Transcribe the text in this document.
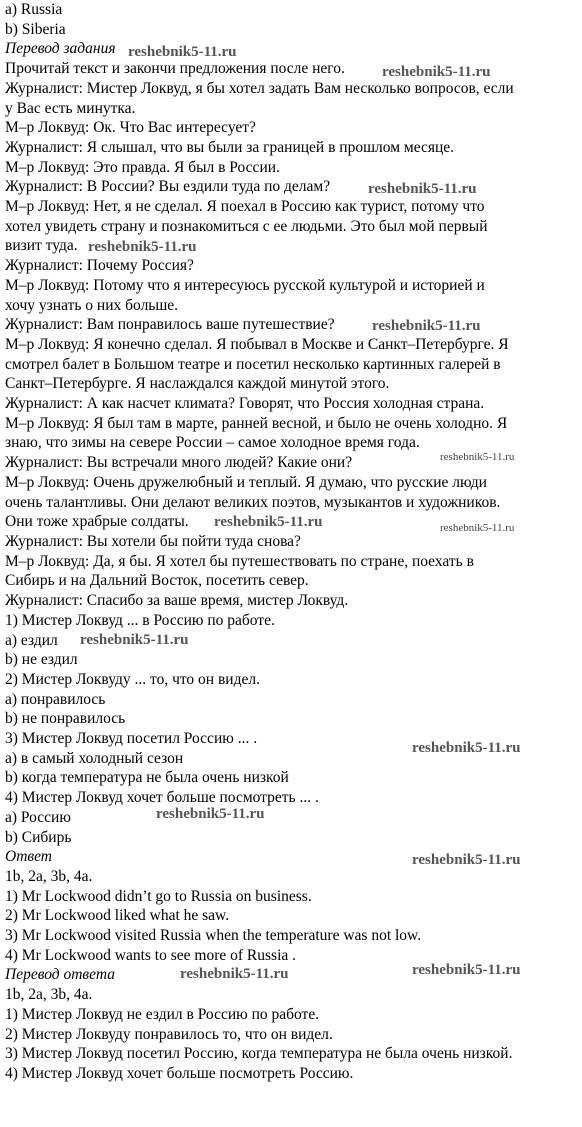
a) Russia
b) Siberia
Перевод задания
Прочитай текст и закончи предложения после него.
Журналист: Мистер Локвуд, я бы хотел задать Вам несколько вопросов, если
у Вас есть минутка.
М–р Локвуд: Ок. Что Вас интересует?
Журналист: Я слышал, что вы были за границей в прошлом месяце.
М–р Локвуд: Это правда. Я был в России.
Журналист: В России? Вы ездили туда по делам?
М–р Локвуд: Нет, я не сделал. Я поехал в Россию как турист, потому что
хотел увидеть страну и познакомиться с ее людьми. Это был мой первый
визит туда.
Журналист: Почему Россия?
М–р Локвуд: Потому что я интересуюсь русской культурой и историей и
хочу узнать о них больше.
Журналист: Вам понравилось ваше путешествие?
М–р Локвуд: Я конечно сделал. Я побывал в Москве и Санкт–Петербурге. Я
смотрел балет в Большом театре и посетил несколько картинных галерей в
Санкт–Петербурге. Я наслаждался каждой минутой этого.
Журналист: А как насчет климата? Говорят, что Россия холодная страна.
М–р Локвуд: Я был там в марте, ранней весной, и было не очень холодно. Я
знаю, что зимы на севере России – самое холодное время года.
Журналист: Вы встречали много людей? Какие они?
М–р Локвуд: Очень дружелюбный и теплый. Я думаю, что русские люди
очень талантливы. Они делают великих поэтов, музыкантов и художников.
Они тоже храбрые солдаты.
Журналист: Вы хотели бы пойти туда снова?
М–р Локвуд: Да, я бы. Я хотел бы путешествовать по стране, поехать в
Сибирь и на Дальний Восток, посетить север.
Журналист: Спасибо за ваше время, мистер Локвуд.
1) Мистер Локвуд ... в Россию по работе.
a) ездил
b) не ездил
2) Мистер Локвуду ... то, что он видел.
a) понравилось
b) не понравилось
3) Мистер Локвуд посетил Россию ... .
a) в самый холодный сезон
b) когда температура не была очень низкой
4) Мистер Локвуд хочет больше посмотреть ... .
a) Россию
b) Сибирь
Ответ
1b, 2a, 3b, 4a.
1) Mr Lockwood didn’t go to Russia on business.
2) Mr Lockwood liked what he saw.
3) Mr Lockwood visited Russia when the temperature was not low.
4) Mr Lockwood wants to see more of Russia .
Перевод ответа
1b, 2a, 3b, 4a.
1) Мистер Локвуд не ездил в Россию по работе.
2) Мистер Локвуду понравилось то, что он видел.
3) Мистер Локвуд посетил Россию, когда температура не была очень низкой.
4) Мистер Локвуд хочет больше посмотреть Россию.
reshebnik5-11.ru
reshebnik5-11.ru
reshebnik5-11.ru
reshebnik5-11.ru
reshebnik5-11.ru
reshebnik5-11.ru
reshebnik5-11.ru	reshebnik5-11.ru
reshebnik5-11.ru
reshebnik5-11.ru
reshebnik5-11.ru
reshebnik5-11.ru
reshebnik5-11.ru	reshebnik5-11.ru
